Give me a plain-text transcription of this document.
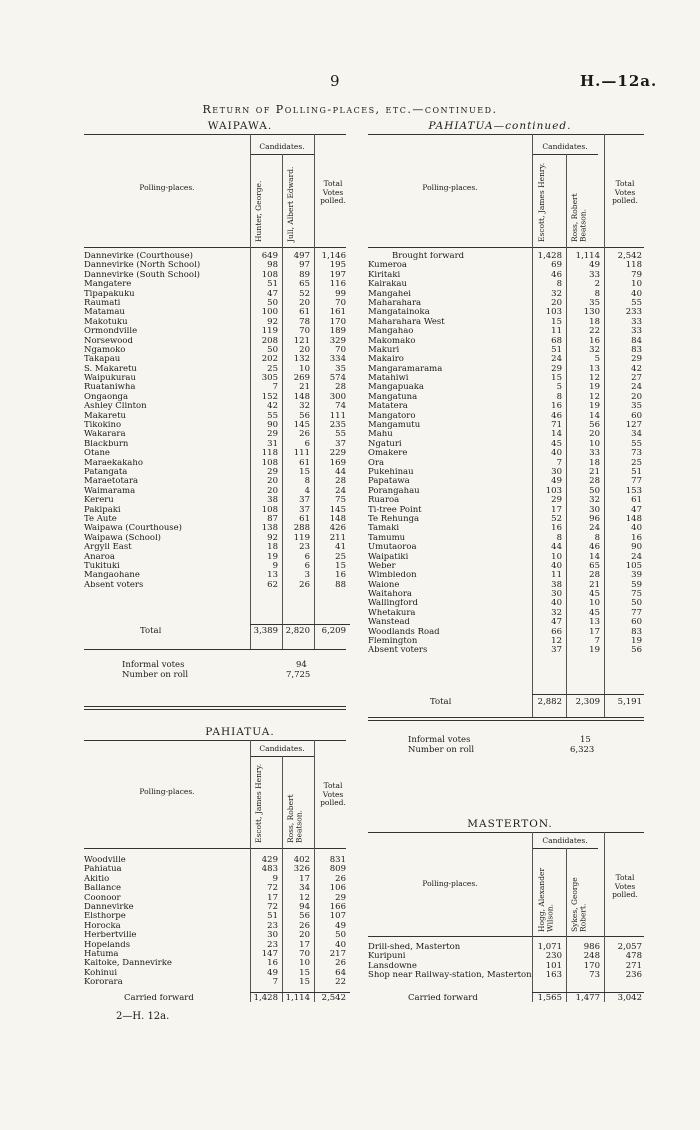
9	H.—12a.
Return of Polling-places, etc.—continued.
WAIPAWA.
Candidates.
Polling-places.	Hunter, George.	Jull, Albert Edward.	Total Votes polled.
Dannevirke (Courthouse)	649	497	1,146
Dannevirke (North School)	98	97	195
Dannevirke (South School)	108	89	197
Mangatere	51	65	116
Tipapakuku	47	52	99
Raumati	50	20	70
Matamau	100	61	161
Makotuku	92	78	170
Ormondville	119	70	189
Norsewood	208	121	329
Ngamoko	50	20	70
Takapau	202	132	334
S. Makaretu	25	10	35
Waipukurau	305	269	574
Ruataniwha	7	21	28
Ongaonga	152	148	300
Ashley Clinton	42	32	74
Makaretu	55	56	111
Tikokino	90	145	235
Wakarara	29	26	55
Blackburn	31	6	37
Otane	118	111	229
Maraekakaho	108	61	169
Patangata	29	15	44
Maraetotara	20	8	28
Waimarama	20	4	24
Kereru	38	37	75
Pakipaki	108	37	145
Te Aute	87	61	148
Waipawa (Courthouse)	138	288	426
Waipawa (School)	92	119	211
Argyll East	18	23	41
Anaroa	19	6	25
Tukituki	9	6	15
Mangaohane	13	3	16
Absent voters	62	26	88
Total	3,389 2,820	6,209
Informal votes	94
Number on roll	7,725
PAHIATUA.
Candidates.
Polling-places.	Escott, James Henry.	Ross, Robert Beatson.
Total Votes polled.
Woodville	429	402	831
Pahiatua	483	326	809
Akitio	9	17	26
Ballance	72	34	106
Coonoor	17	12	29
Dannevirke	72	94	166
Elsthorpe	51	56	107
Horocka	23	26	49
Herbertville	30	20	50
Hopelands	23	17	40
Hatuma	147	70	217
Kaitoke, Dannevirke	16	10	26
Kohinui	49	15	64
Kororara	7	15	22
Carried forward	1,428 1,114	2,542
2—H. 12a.
PAHIATUA—continued.
Candidates.
Polling-places.	Escott, James Henry.	Ross, Robert Beatson.
Total Votes polled.
Brought forward	1,428	1,114	2,542
Kumeroa	69	49	118
Kiritaki	46	33	79
Kairakau	8	2	10
Mangahei	32	8	40
Maharahara	20	35	55
Mangatainoka	103	130	233
Maharahara West	15	18	33
Mangahao	11	22	33
Makomako	68	16	84
Makuri	51	32	83
Makairo	24	5	29
Mangaramarama	29	13	42
Matahiwi	15	12	27
Mangapuaka	5	19	24
Mangatuna	8	12	20
Matatera	16	19	35
Mangatoro	46	14	60
Mangamutu	71	56	127
Mahu	14	20	34
Ngaturi	45	10	55
Omakere	40	33	73
Ora	7	18	25
Pukehinau	30	21	51
Papatawa	49	28	77
Porangahau	103	50	153
Ruaroa	29	32	61
Ti-tree Point	17	30	47
Te Rehunga	52	96	148
Tamaki	16	24	40
Tamumu	8	8	16
Umutaoroa	44	46	90
Waipatiki	10	14	24
Weber	40	65	105
Wimbledon	11	28	39
Waione	38	21	59
Waitahora	30	45	75
Wallingford	40	10	50
Whetakura	32	45	77
Wanstead	47	13	60
Woodlands Road	66	17	83
Flemington	12	7	19
Absent voters	37	19	56
Total	2,882	2,309	5,191
Informal votes	15
Number on roll	6,323
MASTERTON.
Candidates.
Polling-places.	Hogg, Alexander Wilson. Sykes, George Robert.
Total Votes polled.
Drill-shed, Masterton	1,071	986	2,057
Kuripuni	230	248	478
Lansdowne	101	170	271
Shop near Railway-station, Masterton	163	73	236
Carried forward	1,565	1,477	3,042
